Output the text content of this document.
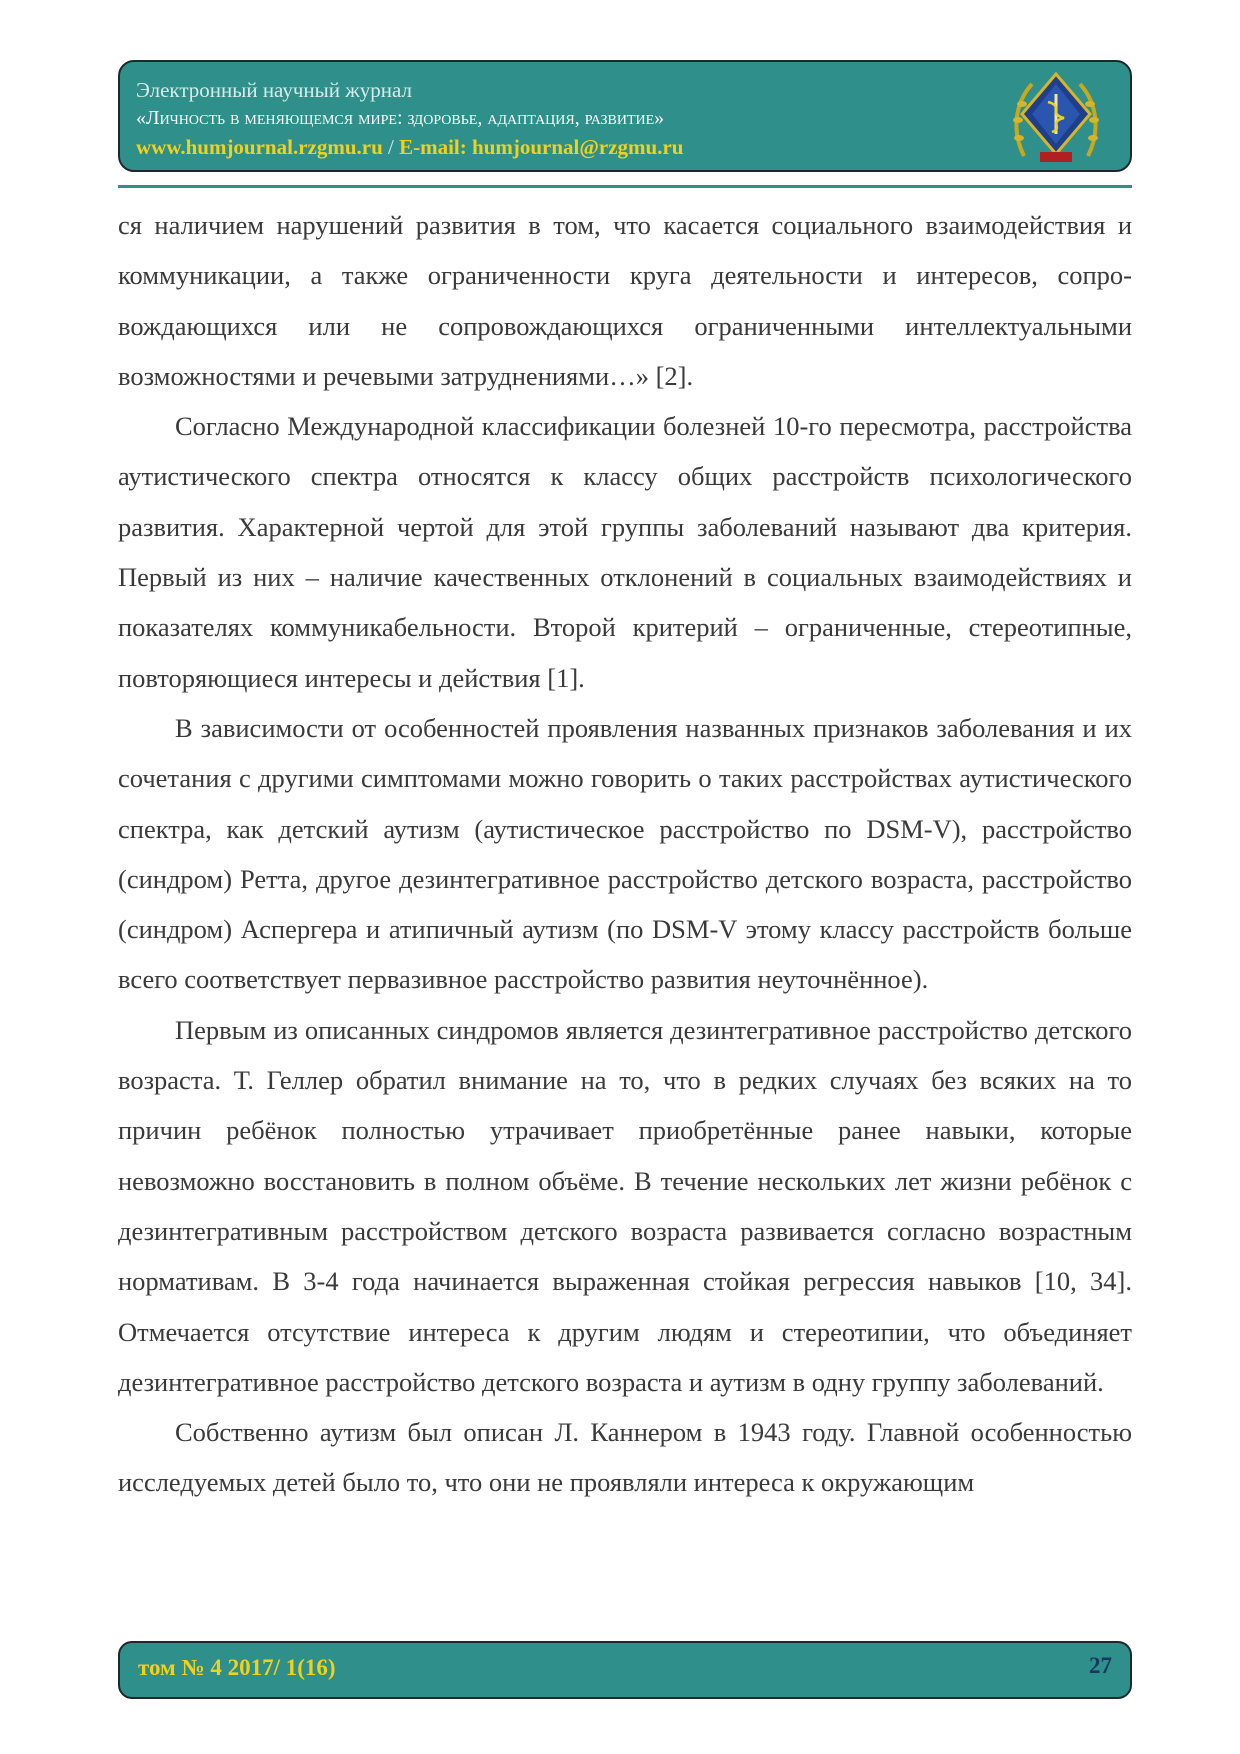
Электронный научный журнал
«Личность в меняющемся мире: здоровье, адаптация, развитие»
www.humjournal.rzgmu.ru / E-mail: humjournal@rzgmu.ru

ся наличием нарушений развития в том, что касается социального взаимодействия и коммуникации, а также ограниченности круга деятельности и интересов, сопровождающихся или не сопровождающихся ограниченными интеллектуальными возможностями и речевыми затруднениями…» [2].

Согласно Международной классификации болезней 10-го пересмотра, расстройства аутистического спектра относятся к классу общих расстройств психологического развития. Характерной чертой для этой группы заболеваний называют два критерия. Первый из них – наличие качественных отклонений в социальных взаимодействиях и показателях коммуникабельности. Второй критерий – ограниченные, стереотипные, повторяющиеся интересы и действия [1].

В зависимости от особенностей проявления названных признаков заболевания и их сочетания с другими симптомами можно говорить о таких расстройствах аутистического спектра, как детский аутизм (аутистическое расстройство по DSM-V), расстройство (синдром) Ретта, другое дезинтегративное расстройство детского возраста, расстройство (синдром) Аспергера и атипичный аутизм (по DSM-V этому классу расстройств больше всего соответствует первазивное расстройство развития неуточнённое).

Первым из описанных синдромов является дезинтегративное расстройство детского возраста. Т. Геллер обратил внимание на то, что в редких случаях без всяких на то причин ребёнок полностью утрачивает приобретённые ранее навыки, которые невозможно восстановить в полном объёме. В течение нескольких лет жизни ребёнок с дезинтегративным расстройством детского возраста развивается согласно возрастным нормативам. В 3-4 года начинается выраженная стойкая регрессия навыков [10, 34]. Отмечается отсутствие интереса к другим людям и стереотипии, что объединяет дезинтегративное расстройство детского возраста и аутизм в одну группу заболеваний.

Собственно аутизм был описан Л. Каннером в 1943 году. Главной особенностью исследуемых детей было то, что они не проявляли интереса к окружающим

том № 4 2017/ 1(16)	27
